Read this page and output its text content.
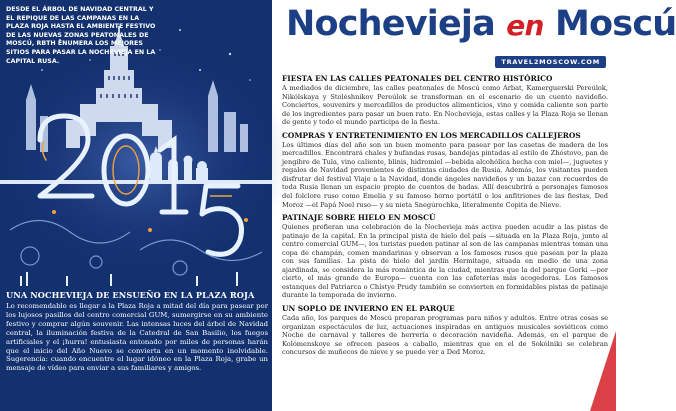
DESDE EL ÁRBOL DE NAVIDAD CENTRAL Y EL REPIQUE DE LAS CAMPANAS EN LA PLAZA ROJA HASTA EL AMBIENTE FESTIVO DE LAS NUEVAS ZONAS PEATONALES DE MOSCÚ, RBTH ENUMERA LOS MEJORES SITIOS PARA PASAR LA NOCHEVIEJA EN LA CAPITAL RUSA.
UNA NOCHEVIEJA DE ENSUEÑO EN LA PLAZA ROJA

Lo recomendable es llegar a la Plaza Roja a mitad del día para pasear por los lujosos pasillos del centro comercial GUM, sumergirse en su ambiente festivo y comprar algún souvenir. Las intensas luces del árbol de Navidad central, la iluminación festiva de la Catedral de San Basilio, los fuegos artificiales y el ¡hurra! entusiasta entonado por miles de personas harán que el inicio del Año Nuevo se convierta en un momento inolvidable. Sugerencia: cuando encuentre el lugar idóneo en la Plaza Roja, grabe un mensaje de vídeo para enviar a sus familiares y amigos.

Nochevieja en Moscú
TRAVEL2MOSCOW.COM
FIESTA EN LAS CALLES PEATONALES DEL CENTRO HISTÓRICO

A mediados de diciembre, las calles peatonales de Moscú como Arbat, Kamerguerski Pereúlok, Nikólskaya y Stoléshnikov Pereúlok se transforman en el escenario de un cuento navideño. Conciertos, souvenirs y mercadillos de productos alimenticios, vino y comida caliente son parte de los ingredientes para pasar un buen rato. En Nochevieja, estas calles y la Plaza Roja se llenan de gente y todo el mundo participa de la fiesta.

COMPRAS Y ENTRETENIMIENTO EN LOS MERCADILLOS CALLEJEROS

Los últimos días del año son un buen momento para pasear por las casetas de madera de los mercadillos. Encontrará chales y bufandas rusas, bandejas pintadas al estilo de Zhóstovo, pan de jengibre de Tula, vino caliente, blinis, hidromiel —bebida alcohólica hecha con miel—, juguetes y regalos de Navidad provenientes de distintas ciudades de Rusia. Además, los visitantes pueden disfrutar del festival Viaje a la Navidad, donde ángeles navideños y un bazar con recuerdos de toda Rusia llenan un espacio propio de cuentos de hadas. Allí descubrirá a personajes famosos del folclore ruso como Emelia y su famoso horno portátil o los anfitriones de las fiestas, Ded Moroz —el Papá Noel ruso— y su nieta Snegúrochka, literalmente Copita de Nieve.

PATINAJE SOBRE HIELO EN MOSCÚ

Quienes prefieran una celebración de la Nochevieja más activa pueden acudir a las pistas de patinaje de la capital. En la principal pista de hielo del país —situada en la Plaza Roja, junto al centro comercial GUM—, los turistas pueden patinar al son de las campanas mientras toman una copa de champán, comen mandarinas y observan a los famosos rusos que pasean por la plaza con sus familias. La pista de hielo del jardín Hermitage, situada en medio de una zona ajardinada, se considera la más romántica de la ciudad, mientras que la del parque Gorki —por cierto, el más grande de Europa— cuenta con las cafeterías más acogedoras. Los famosos estanques del Patriarca o Chístye Prudy también se convierten en formidables pistas de patinaje durante la temporada de invierno.

UN SOPLO DE INVIERNO EN EL PARQUE

Cada año, los parques de Moscú preparan programas para niños y adultos. Entre otras cosas se organizan espectáculos de luz, actuaciones inspiradas en antiguos musicales soviéticos como Noche de carnaval y talleres de herrería o decoración navideña. Además, en el parque de Kolómenskoye se ofrecen paseos a caballo, mientras que en el de Sokólniki se celebran concursos de muñecos de nieve y se puede ver a Ded Moroz.
